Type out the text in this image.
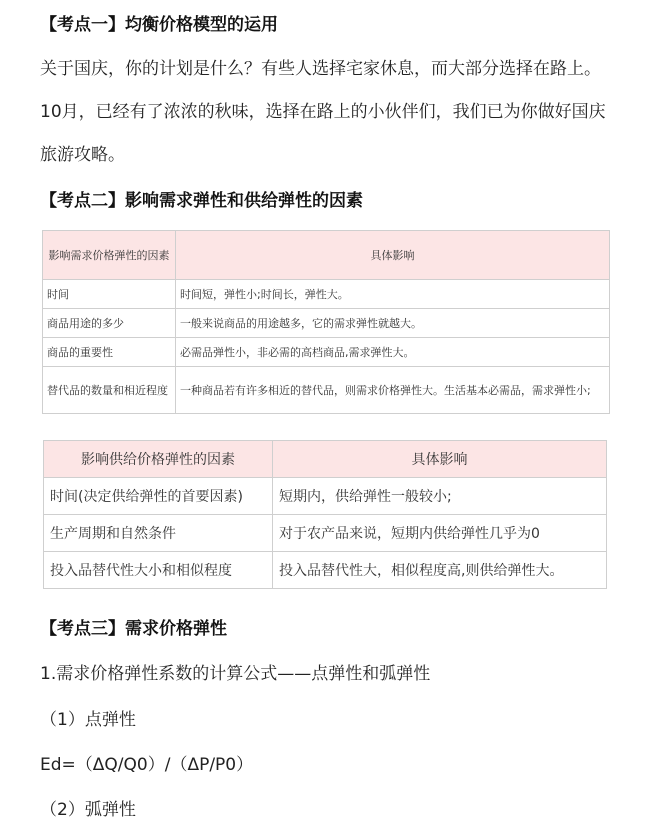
【考点一】均衡价格模型的运用
关于国庆，你的计划是什么？有些人选择宅家休息，而大部分选择在路上。10月，已经有了浓浓的秋味，选择在路上的小伙伴们，我们已为你做好国庆旅游攻略。
【考点二】影响需求弹性和供给弹性的因素
影响需求价格弹性的因素	具体影响
时间	时间短，弹性小;时间长，弹性大。
商品用途的多少	一般来说商品的用途越多，它的需求弹性就越大。
商品的重要性	必需品弹性小，非必需的高档商品,需求弹性大。
替代品的数量和相近程度	一种商品若有许多相近的替代品，则需求价格弹性大。生活基本必需品，需求弹性小;
影响供给价格弹性的因素	具体影响
时间(决定供给弹性的首要因素)	短期内，供给弹性一般较小;
生产周期和自然条件	对于农产品来说，短期内供给弹性几乎为0
投入品替代性大小和相似程度	投入品替代性大，相似程度高,则供给弹性大。
【考点三】需求价格弹性
1.需求价格弹性系数的计算公式——点弹性和弧弹性
（1）点弹性
Ed=（ΔQ/Q0）/（ΔP/P0）
（2）弧弹性
